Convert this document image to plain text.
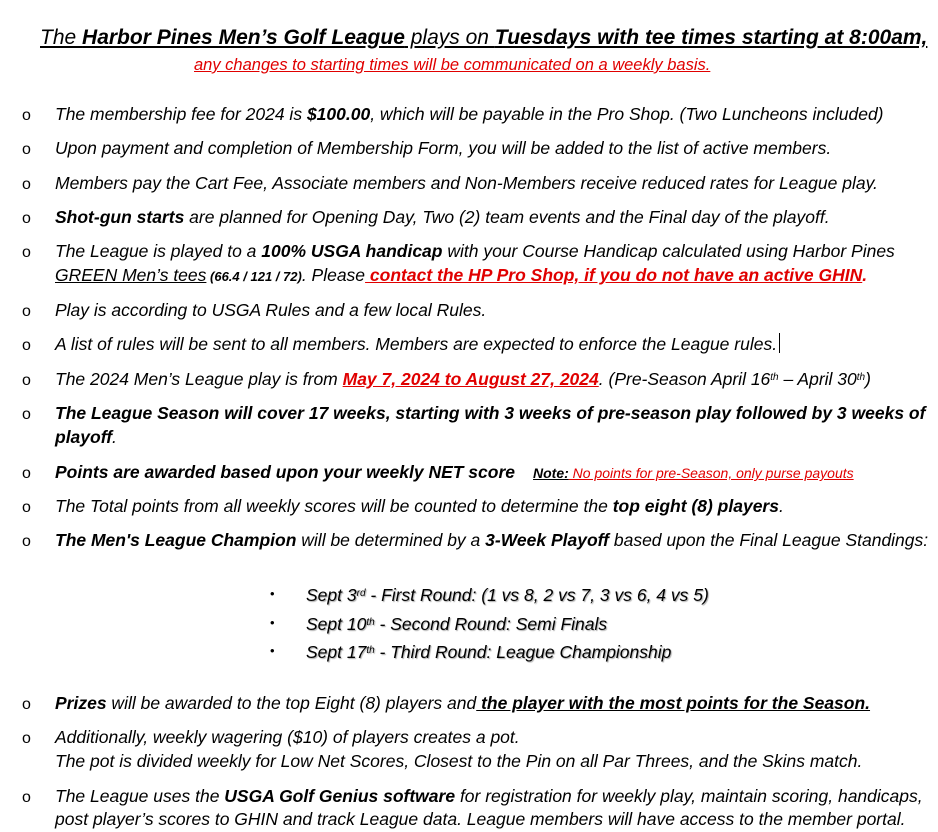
The Harbor Pines Men’s Golf League plays on Tuesdays with tee times starting at 8:00am,
any changes to starting times will be communicated on a weekly basis.
o The membership fee for 2024 is $100.00, which will be payable in the Pro Shop. (Two Luncheons included)
o Upon payment and completion of Membership Form, you will be added to the list of active members.
o Members pay the Cart Fee, Associate members and Non-Members receive reduced rates for League play.
o Shot-gun starts are planned for Opening Day, Two (2) team events and the Final day of the playoff.
o The League is played to a 100% USGA handicap with your Course Handicap calculated using Harbor Pines
GREEN Men’s tees (66.4 / 121 / 72). Please contact the HP Pro Shop, if you do not have an active GHIN.
o Play is according to USGA Rules and a few local Rules.
o A list of rules will be sent to all members. Members are expected to enforce the League rules.
o The 2024 Men’s League play is from May 7, 2024 to August 27, 2024. (Pre-Season April 16th – April 30th)
o The League Season will cover 17 weeks, starting with 3 weeks of pre-season play followed by 3 weeks of
playoff.
o Points are awarded based upon your weekly NET score Note: No points for pre-Season, only purse payouts
o The Total points from all weekly scores will be counted to determine the top eight (8) players.
o The Men's League Champion will be determined by a 3-Week Playoff based upon the Final League Standings:
• Sept 3rd - First Round: (1 vs 8, 2 vs 7, 3 vs 6, 4 vs 5)
• Sept 10th - Second Round: Semi Finals
• Sept 17th - Third Round: League Championship
o Prizes will be awarded to the top Eight (8) players and the player with the most points for the Season.
o Additionally, weekly wagering ($10) of players creates a pot.
The pot is divided weekly for Low Net Scores, Closest to the Pin on all Par Threes, and the Skins match.
o The League uses the USGA Golf Genius software for registration for weekly play, maintain scoring, handicaps,
post player’s scores to GHIN and track League data. League members will have access to the member portal.
